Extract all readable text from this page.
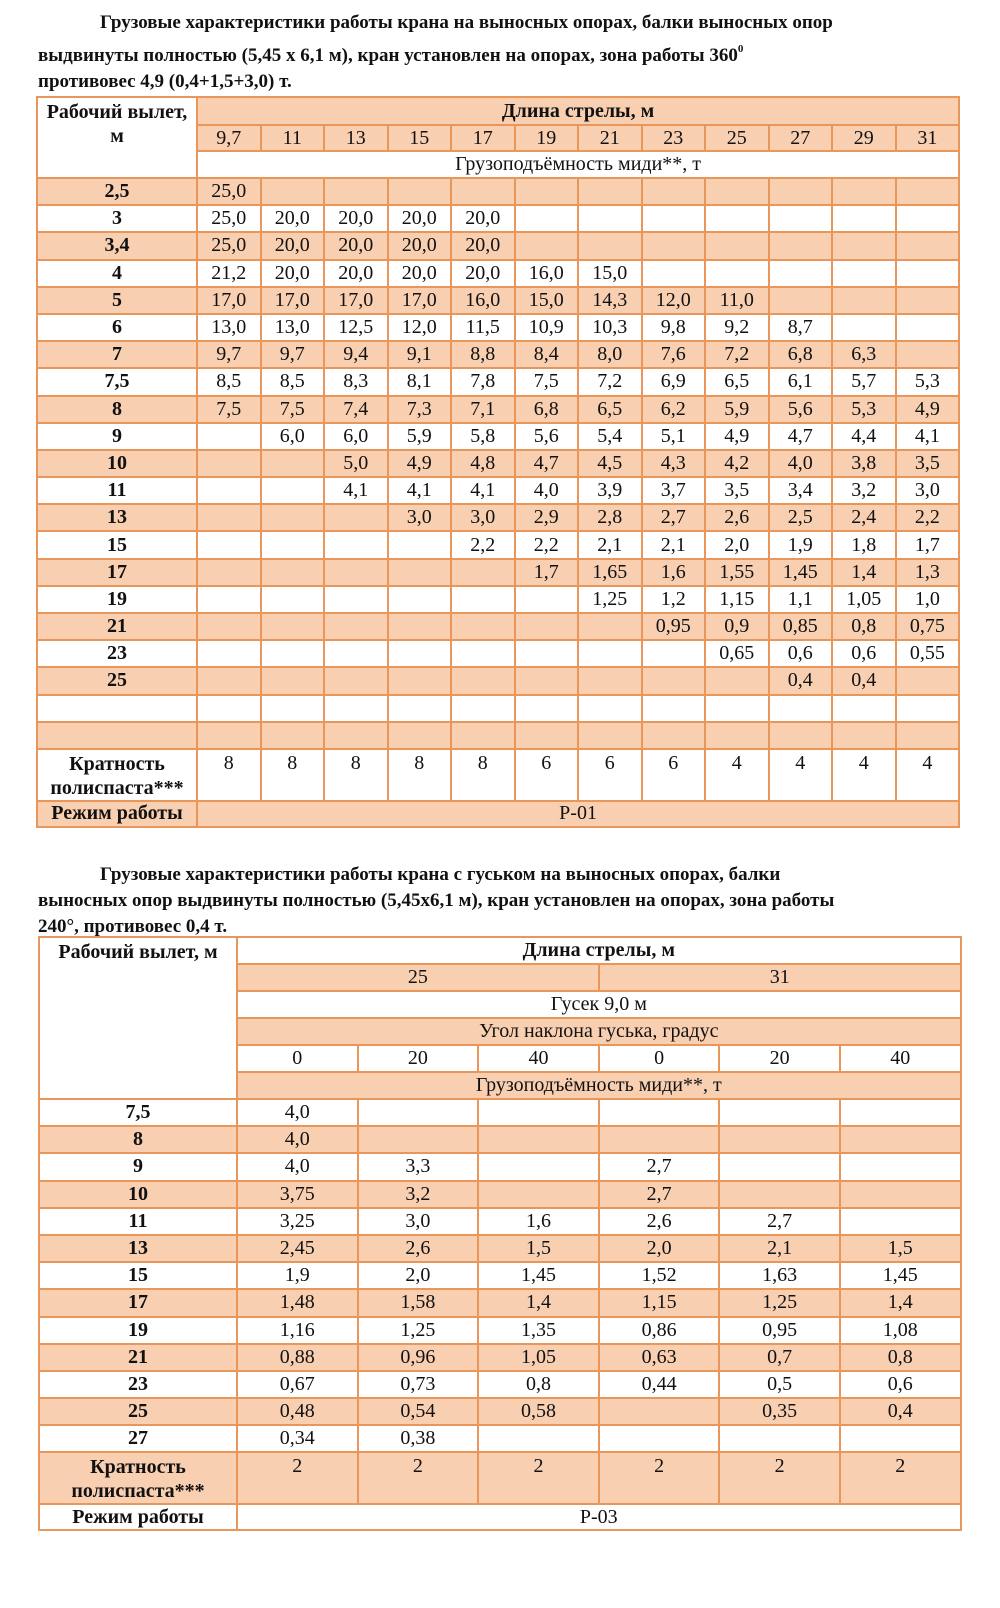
Грузовые характеристики работы крана на выносных опорах, балки выносных опор
выдвинуты полностью (5,45 х 6,1 м), кран установлен на опорах, зона работы $360^0$
противовес 4,9 (0,4+1,5+3,0) т.
Рабочий вылет, м	Длина стрелы, м											
	9,7	11	13	15	17	19	21	23	25	27	29	31
	Грузоподъёмность миди**, т											
2,5	25,0											
3	25,0	20,0	20,0	20,0	20,0							
3,4	25,0	20,0	20,0	20,0	20,0							
4	21,2	20,0	20,0	20,0	20,0	16,0	15,0					
5	17,0	17,0	17,0	17,0	16,0	15,0	14,3	12,0	11,0			
6	13,0	13,0	12,5	12,0	11,5	10,9	10,3	9,8	9,2	8,7		
7	9,7	9,7	9,4	9,1	8,8	8,4	8,0	7,6	7,2	6,8	6,3	
7,5	8,5	8,5	8,3	8,1	7,8	7,5	7,2	6,9	6,5	6,1	5,7	5,3
8	7,5	7,5	7,4	7,3	7,1	6,8	6,5	6,2	5,9	5,6	5,3	4,9
9		6,0	6,0	5,9	5,8	5,6	5,4	5,1	4,9	4,7	4,4	4,1
10			5,0	4,9	4,8	4,7	4,5	4,3	4,2	4,0	3,8	3,5
11			4,1	4,1	4,1	4,0	3,9	3,7	3,5	3,4	3,2	3,0
13				3,0	3,0	2,9	2,8	2,7	2,6	2,5	2,4	2,2
15					2,2	2,2	2,1	2,1	2,0	1,9	1,8	1,7
17						1,7	1,65	1,6	1,55	1,45	1,4	1,3
19							1,25	1,2	1,15	1,1	1,05	1,0
21								0,95	0,9	0,85	0,8	0,75
23									0,65	0,6	0,6	0,55
25										0,4	0,4	

Кратность полиспаста***	8	8	8	8	8	6	6	6	4	4	4	4
Режим работы	Р-01											
Грузовые характеристики работы крана с гуськом на выносных опорах, балки
выносных опор выдвинуты полностью (5,45х6,1 м), кран установлен на опорах, зона работы
240°, противовес 0,4 т.
Рабочий вылет, м	Длина стрелы, м					
	25			31		
	Гусек 9,0 м					
	Угол наклона гуська, градус					
	0	20	40	0	20	40
	Грузоподъёмность миди**, т					
7,5	4,0					
8	4,0					
9	4,0	3,3		2,7		
10	3,75	3,2		2,7		
11	3,25	3,0	1,6	2,6	2,7	
13	2,45	2,6	1,5	2,0	2,1	1,5
15	1,9	2,0	1,45	1,52	1,63	1,45
17	1,48	1,58	1,4	1,15	1,25	1,4
19	1,16	1,25	1,35	0,86	0,95	1,08
21	0,88	0,96	1,05	0,63	0,7	0,8
23	0,67	0,73	0,8	0,44	0,5	0,6
25	0,48	0,54	0,58		0,35	0,4
27	0,34	0,38				
Кратность полиспаста***	2	2	2	2	2	2
Режим работы	Р-03					
